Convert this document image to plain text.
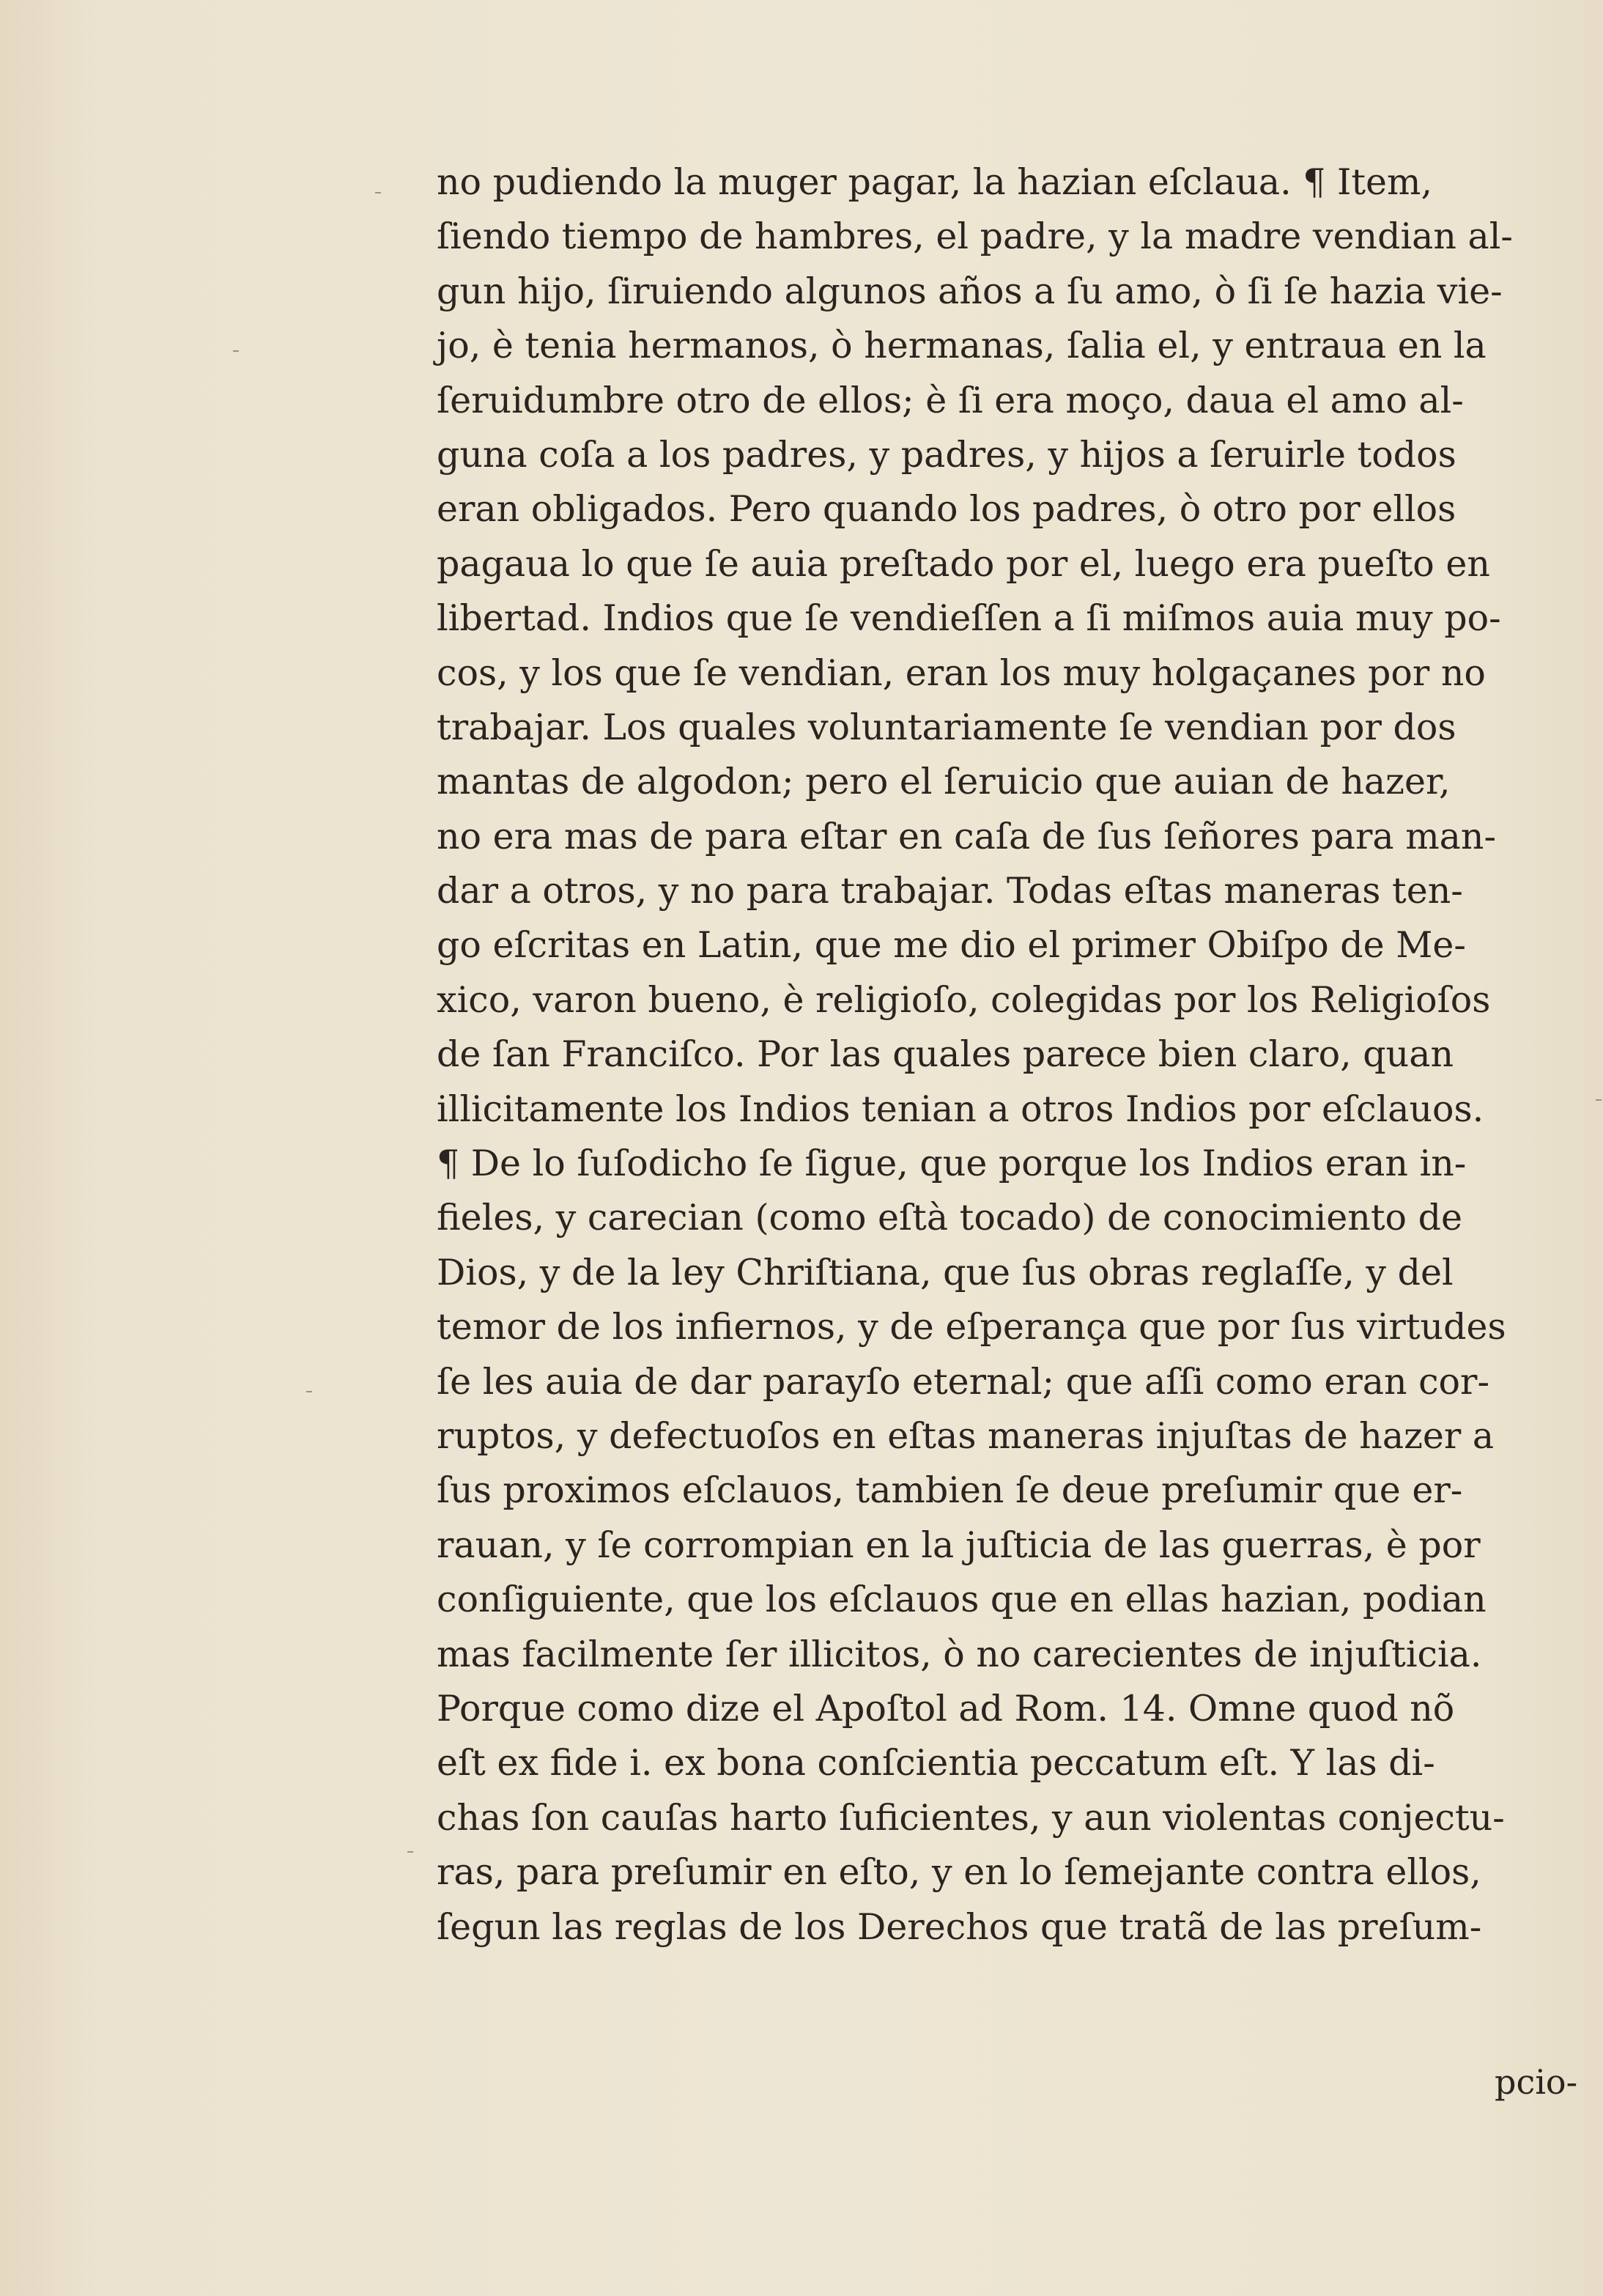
no pudiendo la muger pagar, la hazian eſclaua. ¶ Item,
ſiendo tiempo de hambres, el padre, y la madre vendian al-
gun hijo, ſiruiendo algunos años a ſu amo, ò ſi ſe hazia vie-
jo, è tenia hermanos, ò hermanas, ſalia el, y entraua en la
ſeruidumbre otro de ellos; è ſi era moço, daua el amo al-
guna coſa a los padres, y padres, y hijos a ſeruirle todos
eran obligados. Pero quando los padres, ò otro por ellos
pagaua lo que ſe auia preſtado por el, luego era pueſto en
libertad. Indios que ſe vendieſſen a ſi miſmos auia muy po-
cos, y los que ſe vendian, eran los muy holgaçanes por no
trabajar. Los quales voluntariamente ſe vendian por dos
mantas de algodon; pero el ſeruicio que auian de hazer,
no era mas de para eſtar en caſa de ſus ſeñores para man-
dar a otros, y no para trabajar. Todas eſtas maneras ten-
go eſcritas en Latin, que me dio el primer Obiſpo de Me-
xico, varon bueno, è religioſo, colegidas por los Religioſos
de ſan Franciſco. Por las quales parece bien claro, quan
illicitamente los Indios tenian a otros Indios por eſclauos.
¶ De lo ſuſodicho ſe ſigue, que porque los Indios eran in-
fieles, y carecian (como eſtà tocado) de conocimiento de
Dios, y de la ley Chriſtiana, que ſus obras reglaſſe, y del
temor de los infiernos, y de eſperança que por ſus virtudes
ſe les auia de dar parayſo eternal; que aſſi como eran cor-
ruptos, y defectuoſos en eſtas maneras injuſtas de hazer a
ſus proximos eſclauos, tambien ſe deue preſumir que er-
rauan, y ſe corrompian en la juſticia de las guerras, è por
conſiguiente, que los eſclauos que en ellas hazian, podian
mas facilmente ſer illicitos, ò no carecientes de injuſticia.
Porque como dize el Apoſtol ad Rom. 14. Omne quod nõ
eſt ex fide i. ex bona conſcientia peccatum eſt. Y las di-
chas ſon cauſas harto ſuficientes, y aun violentas conjectu-
ras, para preſumir en eſto, y en lo ſemejante contra ellos,
ſegun las reglas de los Derechos que tratã de las preſum-
pcio-
